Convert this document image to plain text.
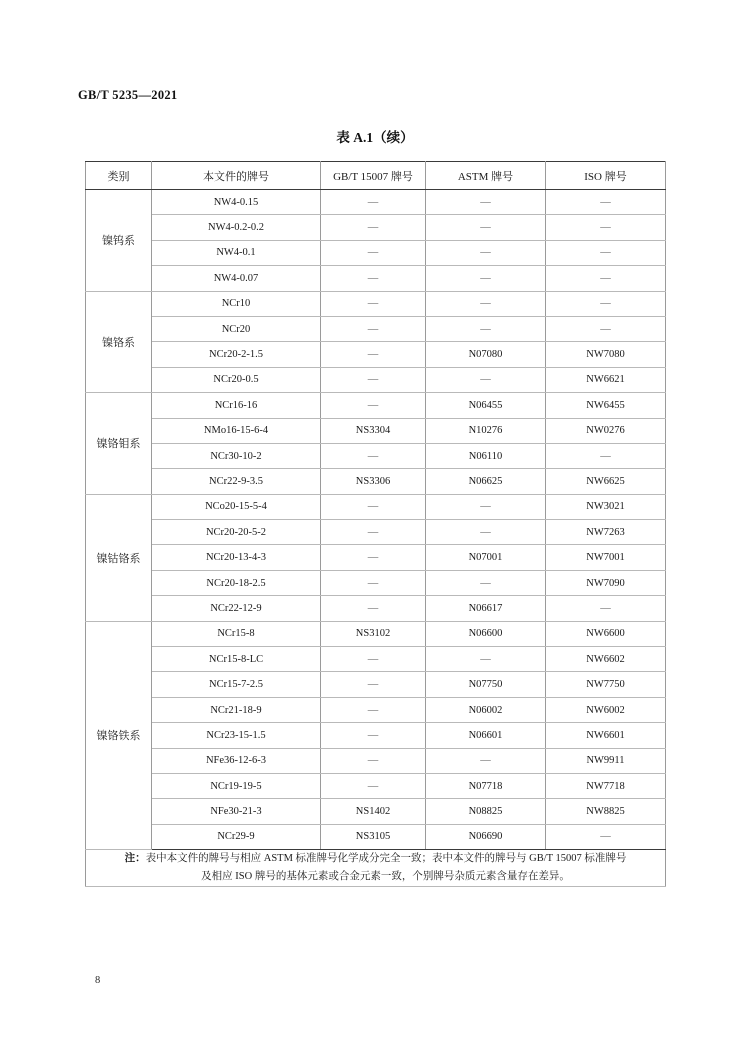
GB/T 5235—2021
表 A.1（续）
类别	本文件的牌号	GB/T 15007 牌号	ASTM 牌号	ISO 牌号
镍钨系	NW4-0.15	—	—	—
	NW4-0.2-0.2	—	—	—
	NW4-0.1	—	—	—
	NW4-0.07	—	—	—
镍铬系	NCr10	—	—	—
	NCr20	—	—	—
	NCr20-2-1.5	—	N07080	NW7080
	NCr20-0.5	—	—	NW6621
镍铬钼系	NCr16-16	—	N06455	NW6455
	NMo16-15-6-4	NS3304	N10276	NW0276
	NCr30-10-2	—	N06110	—
	NCr22-9-3.5	NS3306	N06625	NW6625
镍钴铬系	NCo20-15-5-4	—	—	NW3021
	NCr20-20-5-2	—	—	NW7263
	NCr20-13-4-3	—	N07001	NW7001
	NCr20-18-2.5	—	—	NW7090
	NCr22-12-9	—	N06617	—
镍铬铁系	NCr15-8	NS3102	N06600	NW6600
	NCr15-8-LC	—	—	NW6602
	NCr15-7-2.5	—	N07750	NW7750
	NCr21-18-9	—	N06002	NW6002
	NCr23-15-1.5	—	N06601	NW6601
	NFe36-12-6-3	—	—	NW9911
	NCr19-19-5	—	N07718	NW7718
	NFe30-21-3	NS1402	N08825	NW8825
	NCr29-9	NS3105	N06690	—

注：表中本文件的牌号与相应 ASTM 标准牌号化学成分完全一致；表中本文件的牌号与 GB/T 15007 标准牌号
及相应 ISO 牌号的基体元素或合金元素一致，个别牌号杂质元素含量存在差异。				
8
